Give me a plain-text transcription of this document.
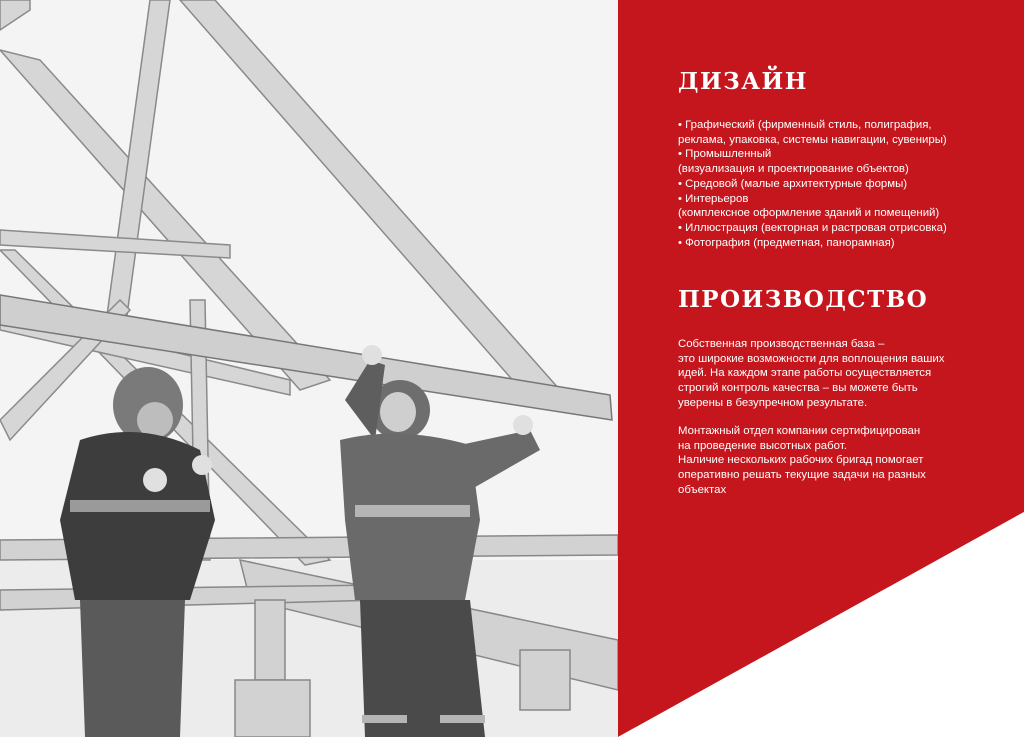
ДИЗАЙН
• Графический (фирменный стиль, полиграфия,
реклама, упаковка, системы навигации, сувениры)
• Промышленный
(визуализация и проектирование объектов)
• Средовой (малые архитектурные формы)
• Интерьеров
(комплексное оформление зданий и помещений)
• Иллюстрация (векторная и растровая отрисовка)
• Фотография (предметная, панорамная)
ПРОИЗВОДСТВО
Собственная производственная база –
это широкие возможности для воплощения ваших
идей. На каждом этапе работы осуществляется
строгий контроль качества – вы можете быть
уверены в безупречном результате.
Монтажный отдел компании сертифицирован
на проведение высотных работ.
Наличие нескольких рабочих бригад помогает
оперативно решать текущие задачи на разных
объектах
